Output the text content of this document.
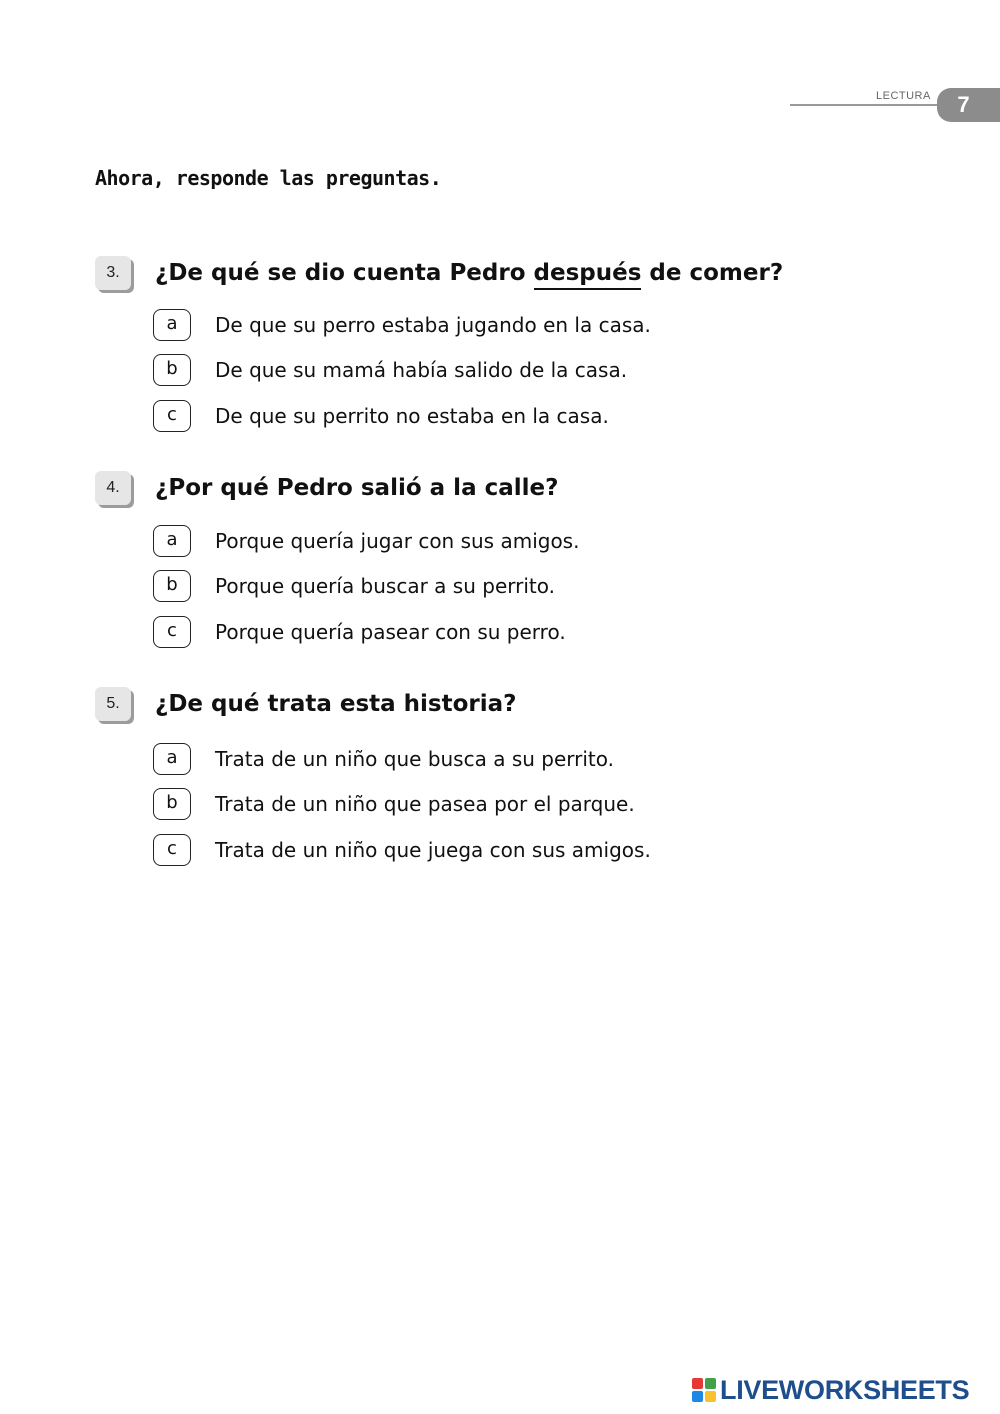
LECTURA	7
Ahora, responde las preguntas.
3.	¿De qué se dio cuenta Pedro después de comer?
a	De que su perro estaba jugando en la casa.
b	De que su mamá había salido de la casa.
c	De que su perrito no estaba en la casa.
4.	¿Por qué Pedro salió a la calle?
a	Porque quería jugar con sus amigos.
b	Porque quería buscar a su perrito.
c	Porque quería pasear con su perro.
5.	¿De qué trata esta historia?
a	Trata de un niño que busca a su perrito.
b	Trata de un niño que pasea por el parque.
c	Trata de un niño que juega con sus amigos.
LIVEWORKSHEETS
